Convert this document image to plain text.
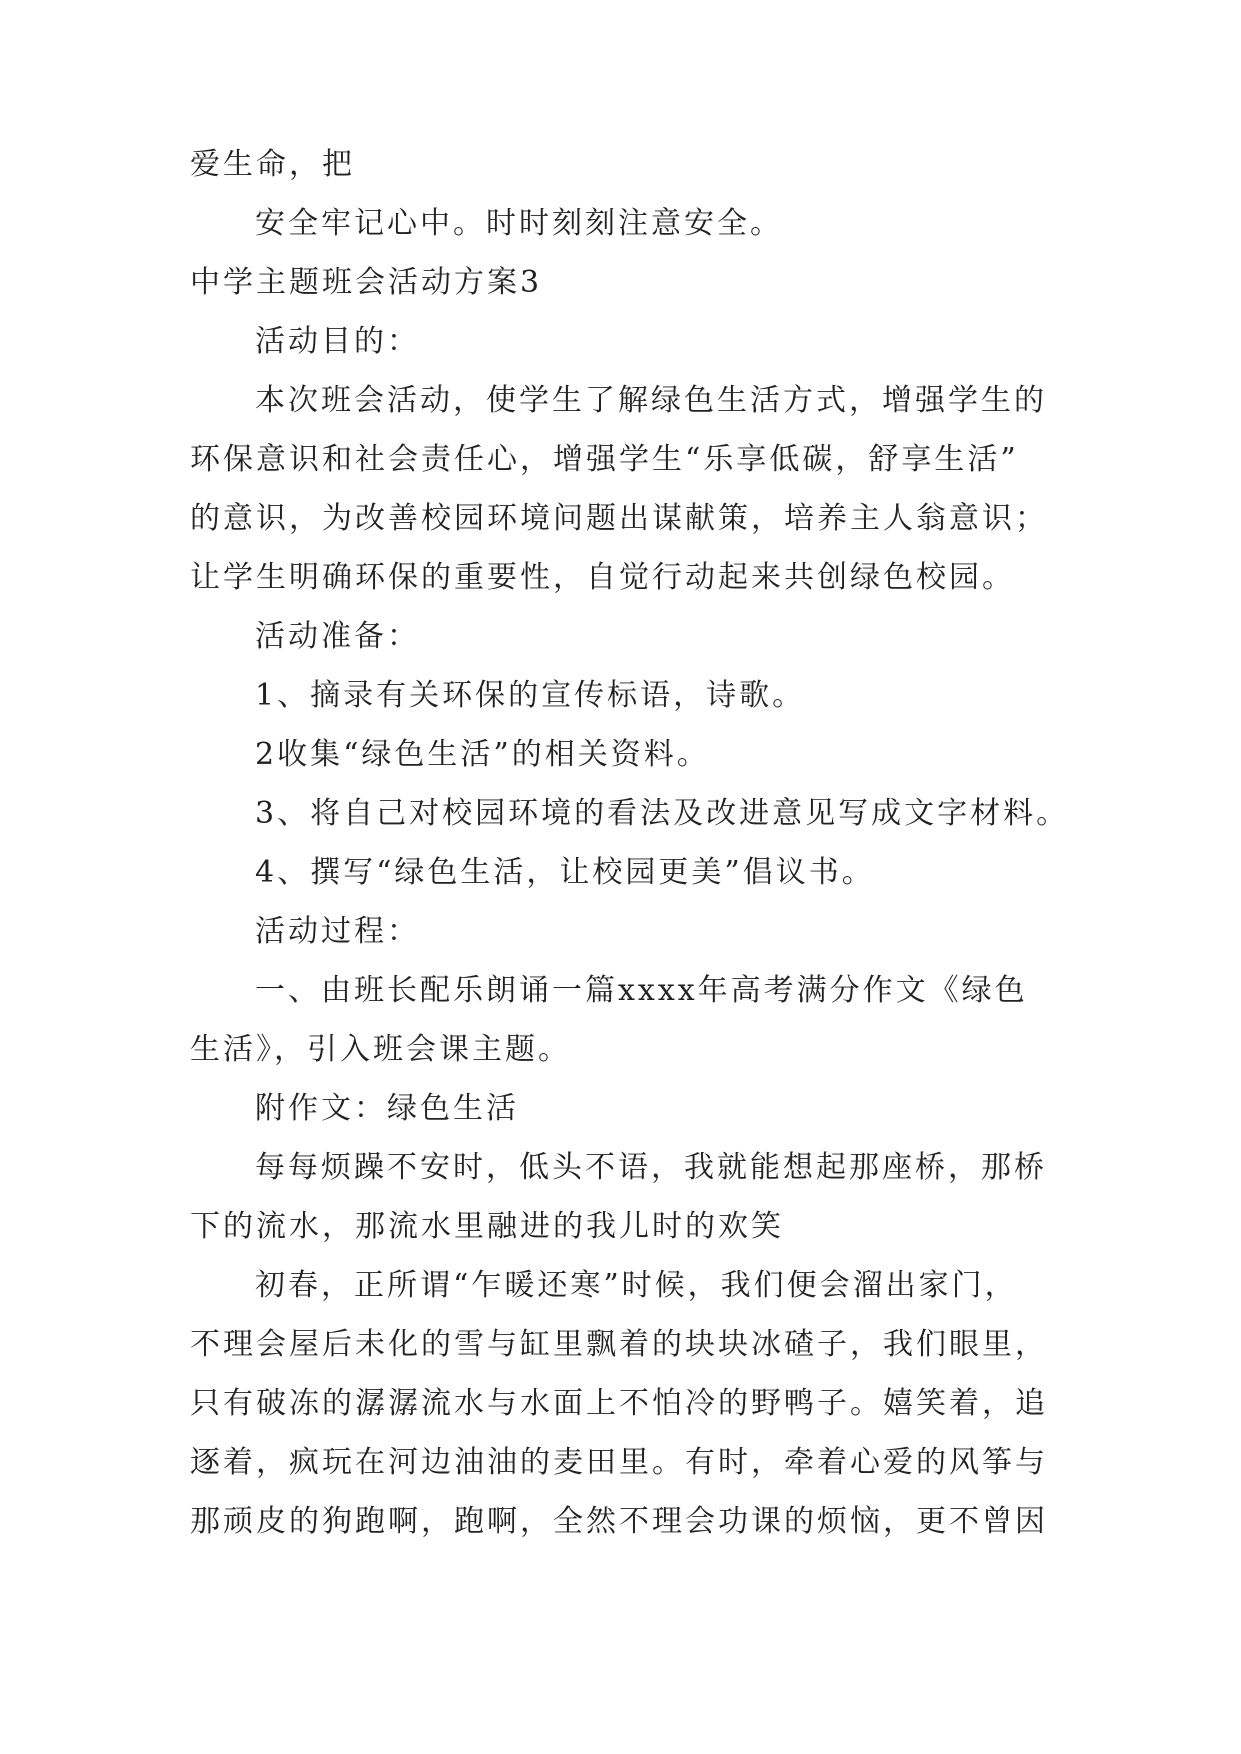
爱生命，把
安全牢记心中。时时刻刻注意安全。
中学主题班会活动方案3
活动目的：
本次班会活动，使学生了解绿色生活方式，增强学生的
环保意识和社会责任心，增强学生“乐享低碳，舒享生活”
的意识，为改善校园环境问题出谋献策，培养主人翁意识；
让学生明确环保的重要性，自觉行动起来共创绿色校园。
活动准备：
1、摘录有关环保的宣传标语，诗歌。
2收集“绿色生活”的相关资料。
3、将自己对校园环境的看法及改进意见写成文字材料。
4、撰写“绿色生活，让校园更美”倡议书。
活动过程：
一、由班长配乐朗诵一篇xxxx年高考满分作文《绿色
生活》，引入班会课主题。
附作文：绿色生活
每每烦躁不安时，低头不语，我就能想起那座桥，那桥
下的流水，那流水里融进的我儿时的欢笑
初春，正所谓“乍暖还寒”时候，我们便会溜出家门，
不理会屋后未化的雪与缸里飘着的块块冰碴子，我们眼里，
只有破冻的潺潺流水与水面上不怕冷的野鸭子。嬉笑着，追
逐着，疯玩在河边油油的麦田里。有时，牵着心爱的风筝与
那顽皮的狗跑啊，跑啊，全然不理会功课的烦恼，更不曾因
